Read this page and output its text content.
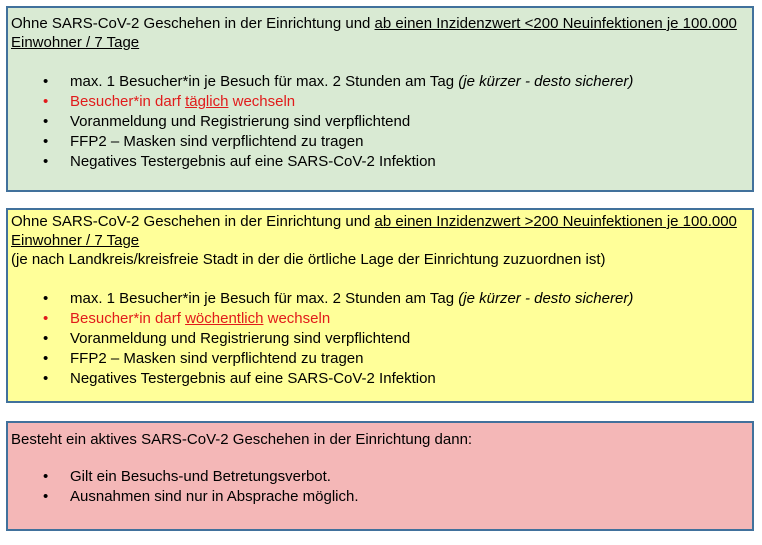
Ohne SARS-CoV-2 Geschehen in der Einrichtung und ab einen Inzidenzwert <200 Neuinfektionen je 100.000 Einwohner / 7 Tage

• max. 1 Besucher*in je Besuch für max. 2 Stunden am Tag (je kürzer - desto sicherer)
• Besucher*in darf täglich wechseln
• Voranmeldung und Registrierung sind verpflichtend
• FFP2 – Masken sind verpflichtend zu tragen
• Negatives Testergebnis auf eine SARS-CoV-2 Infektion

Ohne SARS-CoV-2 Geschehen in der Einrichtung und ab einen Inzidenzwert >200 Neuinfektionen je 100.000 Einwohner / 7 Tage

(je nach Landkreis/kreisfreie Stadt in der die örtliche Lage der Einrichtung zuzuordnen ist)

• max. 1 Besucher*in je Besuch für max. 2 Stunden am Tag (je kürzer - desto sicherer)
• Besucher*in darf wöchentlich wechseln
• Voranmeldung und Registrierung sind verpflichtend
• FFP2 – Masken sind verpflichtend zu tragen
• Negatives Testergebnis auf eine SARS-CoV-2 Infektion

Besteht ein aktives SARS-CoV-2 Geschehen in der Einrichtung dann:

• Gilt ein Besuchs-und Betretungsverbot.
• Ausnahmen sind nur in Absprache möglich.
